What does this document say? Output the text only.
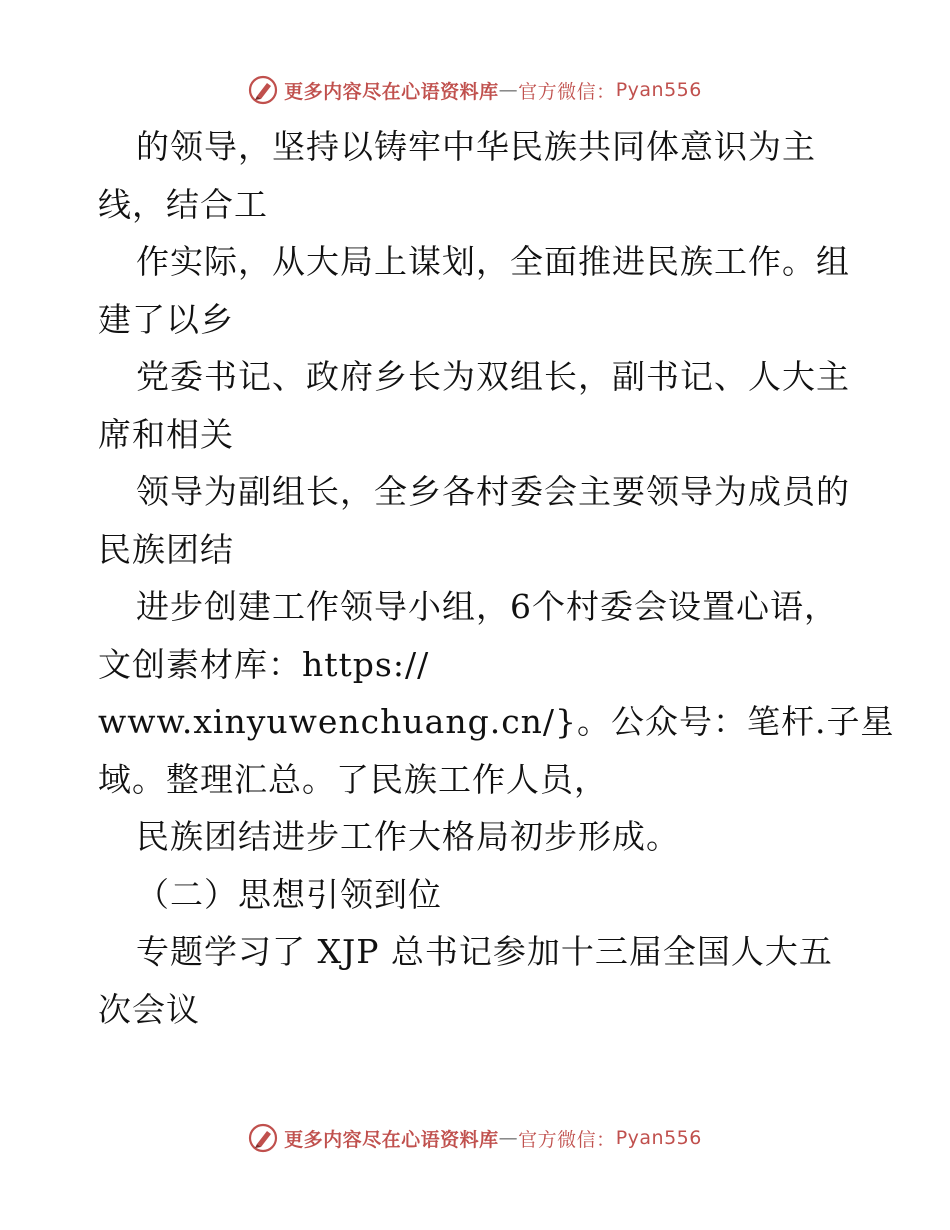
更多内容尽在心语资料库 — 官方微信： Pyan556
的领导，坚持以铸牢中华民族共同体意识为主
线，结合工
作实际，从大局上谋划，全面推进民族工作。组
建了以乡
党委书记、政府乡长为双组长，副书记、人大主
席和相关
领导为副组长，全乡各村委会主要领导为成员的
民族团结
进步创建工作领导小组，6个村委会设置心语，
文创素材库：https://
www.xinyuwenchuang.cn/}。公众号：笔杆.子星
域。整理汇总。了民族工作人员，
民族团结进步工作大格局初步形成。
（二）思想引领到位
专题学习了 XJP 总书记参加十三届全国人大五
次会议
更多内容尽在心语资料库 — 官方微信： Pyan556
